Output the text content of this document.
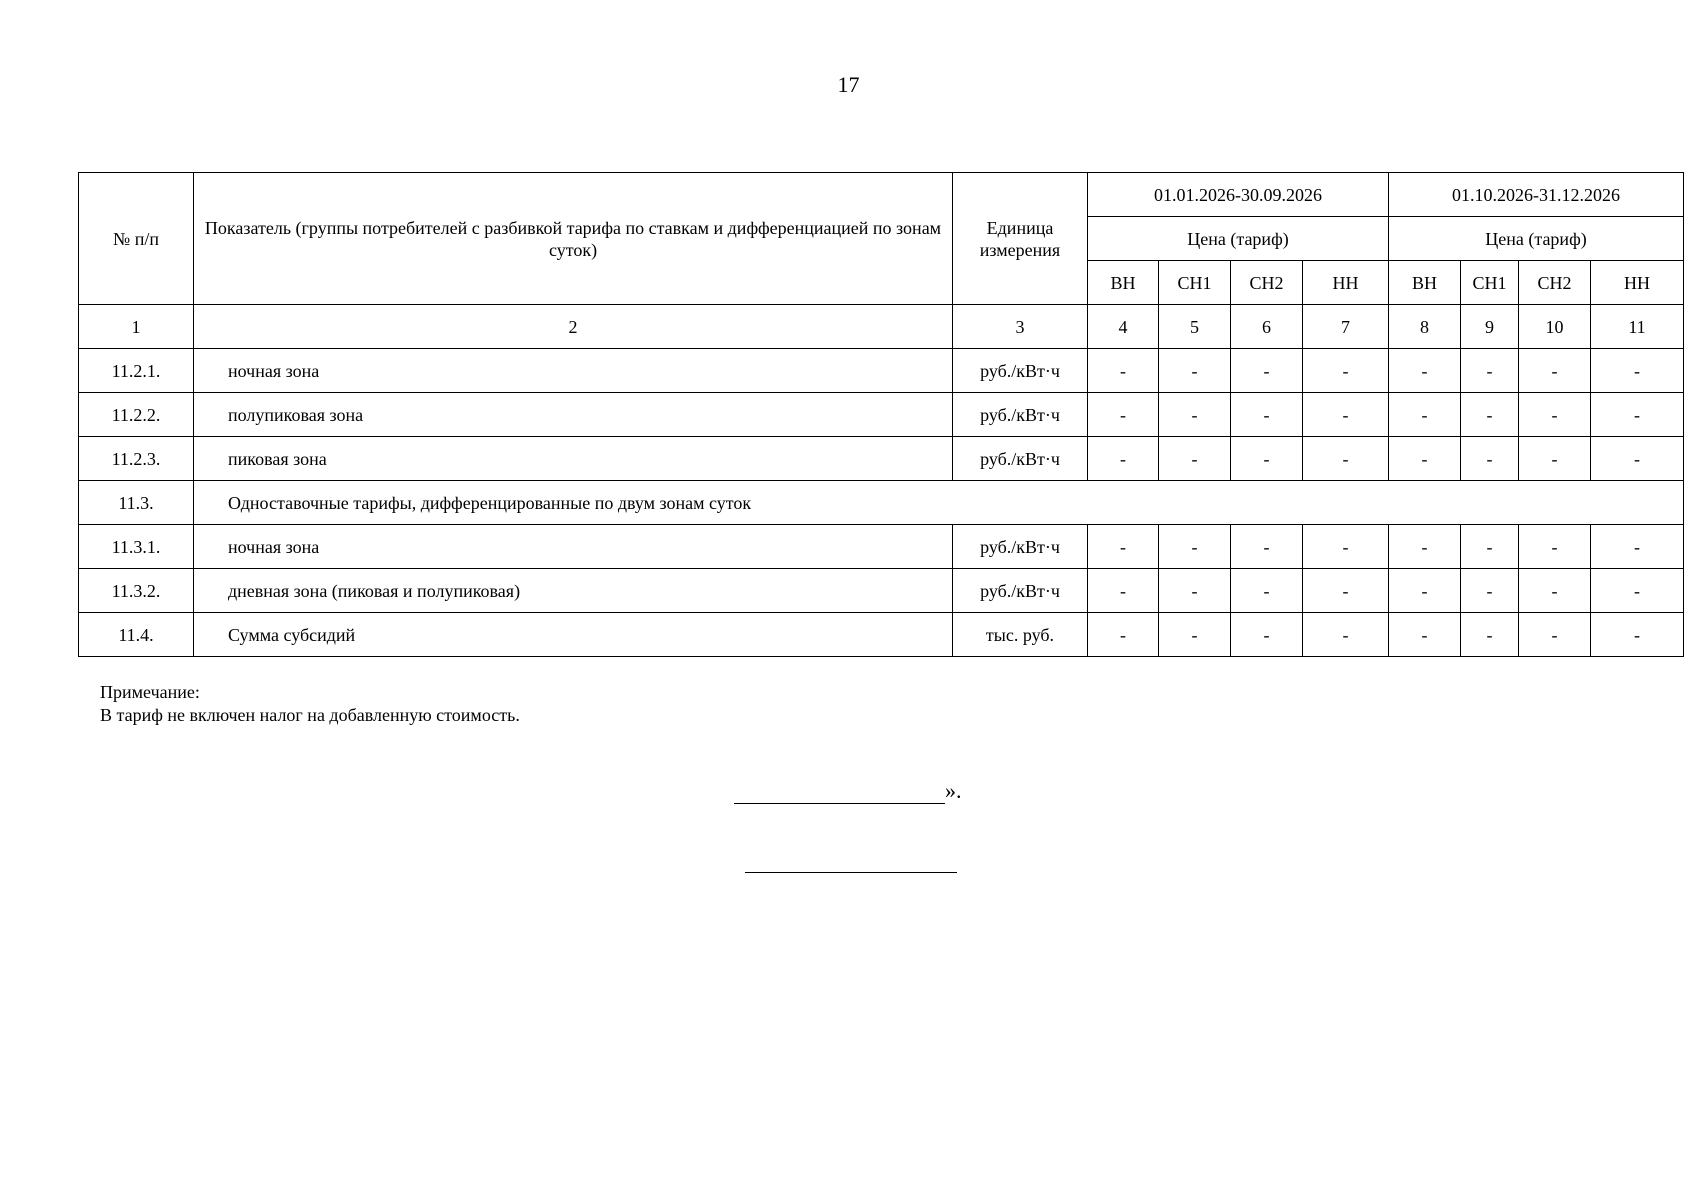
17
№ п/п	Показатель (группы потребителей с разбивкой тарифа по ставкам и дифференциацией по зонам суток)	Единица измерения	01.01.2026-30.09.2026				01.10.2026-31.12.2026			
			Цена (тариф)				Цена (тариф)			
			ВН	СН1	СН2	НН	ВН	СН1	СН2	НН
1	2	3	4	5	6	7	8	9	10	11
11.2.1.	ночная зона	руб./кВт·ч	-	-	-	-	-	-	-	-
11.2.2.	полупиковая зона	руб./кВт·ч	-	-	-	-	-	-	-	-
11.2.3.	пиковая зона	руб./кВт·ч	-	-	-	-	-	-	-	-
11.3.	Одноставочные тарифы, дифференцированные по двум зонам суток									
11.3.1.	ночная зона	руб./кВт·ч	-	-	-	-	-	-	-	-
11.3.2.	дневная зона (пиковая и полупиковая)	руб./кВт·ч	-	-	-	-	-	-	-	-
11.4.	Сумма субсидий	тыс. руб.	-	-	-	-	-	-	-	-
Примечание:
В тариф не включен налог на добавленную стоимость.
».
